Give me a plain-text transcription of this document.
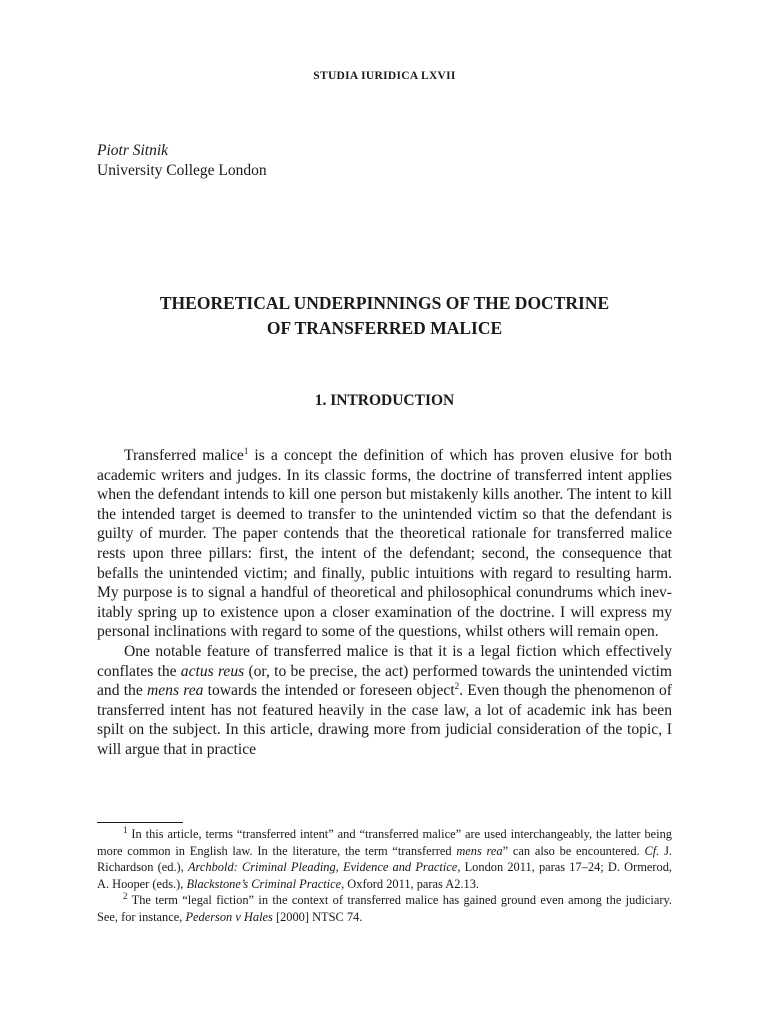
STUDIA IURIDICA LXVII
Piotr Sitnik
University College London
THEORETICAL UNDERPINNINGS OF THE DOCTRINE
OF TRANSFERRED MALICE
1. INTRODUCTION

Transferred malice$^1$ is a concept the definition of which has proven elusive for both academic writers and judges. In its classic forms, the doctrine of transferred intent applies when the defendant intends to kill one person but mistakenly kills another. The intent to kill the intended target is deemed to transfer to the unintended victim so that the defendant is guilty of murder. The paper contends that the theoretical rationale for transferred malice rests upon three pillars: first, the intent of the defendant; second, the consequence that befalls the unintended victim; and finally, public intuitions with regard to resulting harm. My purpose is to signal a handful of theoretical and philosophical conundrums which inevitably spring up to existence upon a closer examination of the doctrine. I will express my personal inclinations with regard to some of the questions, whilst others will remain open.

One notable feature of transferred malice is that it is a legal fiction which effectively conflates the actus reus (or, to be precise, the act) performed towards the unintended victim and the mens rea towards the intended or foreseen object$^2$. Even though the phenomenon of transferred intent has not featured heavily in the case law, a lot of academic ink has been spilt on the subject. In this article, drawing more from judicial consideration of the topic, I will argue that in practice

$^1$ In this article, terms “transferred intent” and “transferred malice” are used interchangeably, the latter being more common in English law. In the literature, the term “transferred mens rea” can also be encountered. Cf. J. Richardson (ed.), Archbold: Criminal Pleading, Evidence and Practice, London 2011, paras 17–24; D. Ormerod, A. Hooper (eds.), Blackstone’s Criminal Practice, Oxford 2011, paras A2.13.

$^2$ The term “legal fiction” in the context of transferred malice has gained ground even among the judiciary. See, for instance, Pederson v Hales [2000] NTSC 74.
